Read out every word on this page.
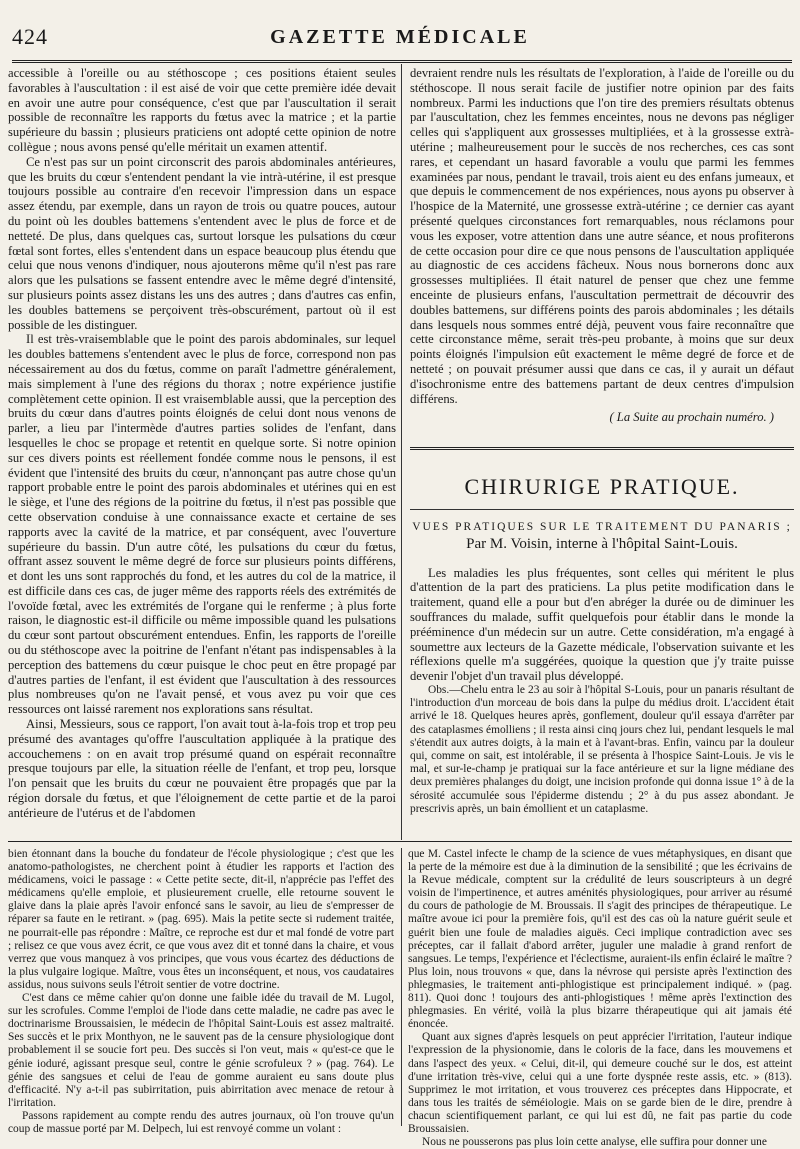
424	GAZETTE MÉDICALE

accessible à l'oreille ou au stéthoscope ; ces positions étaient seules favorables à l'auscultation : il est aisé de voir que cette première idée devait en avoir une autre pour conséquence, c'est que par l'auscultation il serait possible de reconnaître les rapports du fœtus avec la matrice ; et la partie supérieure du bassin ; plusieurs praticiens ont adopté cette opinion de notre collègue ; nous avons pensé qu'elle méritait un examen attentif.

Ce n'est pas sur un point circonscrit des parois abdominales antérieures, que les bruits du cœur s'entendent pendant la vie intrà-utérine, il est presque toujours possible au contraire d'en recevoir l'impression dans un espace assez étendu, par exemple, dans un rayon de trois ou quatre pouces, autour du point où les doubles battemens s'entendent avec le plus de force et de netteté. De plus, dans quelques cas, surtout lorsque les pulsations du cœur fœtal sont fortes, elles s'entendent dans un espace beaucoup plus étendu que celui que nous venons d'indiquer, nous ajouterons même qu'il n'est pas rare alors que les pulsations se fassent entendre avec le même degré d'intensité, sur plusieurs points assez distans les uns des autres ; dans d'autres cas enfin, les doubles battemens se perçoivent très-obscurément, partout où il est possible de les distinguer.

Il est très-vraisemblable que le point des parois abdominales, sur lequel les doubles battemens s'entendent avec le plus de force, correspond non pas nécessairement au dos du fœtus, comme on paraît l'admettre généralement, mais simplement à l'une des régions du thorax ; notre expérience justifie complètement cette opinion. Il est vraisemblable aussi, que la perception des bruits du cœur dans d'autres points éloignés de celui dont nous venons de parler, a lieu par l'intermède d'autres parties solides de l'enfant, dans lesquelles le choc se propage et retentit en quelque sorte. Si notre opinion sur ces divers points est réellement fondée comme nous le pensons, il est évident que l'intensité des bruits du cœur, n'annonçant pas autre chose qu'un rapport probable entre le point des parois abdominales et utérines qui en est le siège, et l'une des régions de la poitrine du fœtus, il n'est pas possible que cette observation conduise à une connaissance exacte et certaine de ses rapports avec la cavité de la matrice, et par conséquent, avec l'ouverture supérieure du bassin. D'un autre côté, les pulsations du cœur du fœtus, offrant assez souvent le même degré de force sur plusieurs points différens, et dont les uns sont rapprochés du fond, et les autres du col de la matrice, il est difficile dans ces cas, de juger même des rapports réels des extrémités de l'ovoïde fœtal, avec les extrémités de l'organe qui le renferme ; à plus forte raison, le diagnostic est-il difficile ou même impossible quand les pulsations du cœur sont partout obscurément entendues. Enfin, les rapports de l'oreille ou du stéthoscope avec la poitrine de l'enfant n'étant pas indispensables à la perception des battemens du cœur puisque le choc peut en être propagé par d'autres parties de l'enfant, il est évident que l'auscultation à des ressources plus nombreuses qu'on ne l'avait pensé, et vous avez pu voir que ces ressources ont laissé rarement nos explorations sans résultat.

Ainsi, Messieurs, sous ce rapport, l'on avait tout à-la-fois trop et trop peu présumé des avantages qu'offre l'auscultation appliquée à la pratique des accouchemens : on en avait trop présumé quand on espérait reconnaître presque toujours par elle, la situation réelle de l'enfant, et trop peu, lorsque l'on pensait que les bruits du cœur ne pouvaient être propagés que par la région dorsale du fœtus, et que l'éloignement de cette partie et de la paroi antérieure de l'utérus et de l'abdomen

devraient rendre nuls les résultats de l'exploration, à l'aide de l'oreille ou du stéthoscope. Il nous serait facile de justifier notre opinion par des faits nombreux. Parmi les inductions que l'on tire des premiers résultats obtenus par l'auscultation, chez les femmes enceintes, nous ne devons pas négliger celles qui s'appliquent aux grossesses multipliées, et à la grossesse extrà-utérine ; malheureusement pour le succès de nos recherches, ces cas sont rares, et cependant un hasard favorable a voulu que parmi les femmes examinées par nous, pendant le travail, trois aient eu des enfans jumeaux, et que depuis le commencement de nos expériences, nous ayons pu observer à l'hospice de la Maternité, une grossesse extrà-utérine ; ce dernier cas ayant présenté quelques circonstances fort remarquables, nous réclamons pour vous les exposer, votre attention dans une autre séance, et nous profiterons de cette occasion pour dire ce que nous pensons de l'auscultation appliquée au diagnostic de ces accidens fâcheux. Nous nous bornerons donc aux grossesses multipliées. Il était naturel de penser que chez une femme enceinte de plusieurs enfans, l'auscultation permettrait de découvrir des doubles battemens, sur différens points des parois abdominales ; les détails dans lesquels nous sommes entré déjà, peuvent vous faire reconnaître que cette circonstance même, serait très-peu probante, à moins que sur deux points éloignés l'impulsion eût exactement le même degré de force et de netteté ; on pouvait présumer aussi que dans ce cas, il y aurait un défaut d'isochronisme entre des battemens partant de deux centres d'impulsion différens.

( La Suite au prochain numéro. )
CHIRURIGE PRATIQUE.
VUES PRATIQUES SUR LE TRAITEMENT DU PANARIS ;
Par M. Voisin, interne à l'hôpital Saint-Louis.

Les maladies les plus fréquentes, sont celles qui méritent le plus d'attention de la part des praticiens. La plus petite modification dans le traitement, quand elle a pour but d'en abréger la durée ou de diminuer les souffrances du malade, suffit quelquefois pour établir dans le monde la prééminence d'un médecin sur un autre. Cette considération, m'a engagé à soumettre aux lecteurs de la Gazette médicale, l'observation suivante et les réflexions quelle m'a suggérées, quoique la question que j'y traite puisse devenir l'objet d'un travail plus développé.

Obs.—Chelu entra le 23 au soir à l'hôpital S-Louis, pour un panaris résultant de l'introduction d'un morceau de bois dans la pulpe du médius droit. L'accident était arrivé le 18. Quelques heures après, gonflement, douleur qu'il essaya d'arrêter par des cataplasmes émolliens ; il resta ainsi cinq jours chez lui, pendant lesquels le mal s'étendit aux autres doigts, à la main et à l'avant-bras. Enfin, vaincu par la douleur qui, comme on sait, est intolérable, il se présenta à l'hospice Saint-Louis. Je vis le mal, et sur-le-champ je pratiquai sur la face antérieure et sur la ligne médiane des deux premières phalanges du doigt, une incision profonde qui donna issue 1° à de la sérosité accumulée sous l'épiderme distendu ; 2° à du pus assez abondant. Je prescrivis après, un bain émollient et un cataplasme.

bien étonnant dans la bouche du fondateur de l'école physiologique ; c'est que les anatomo-pathologistes, ne cherchent point à étudier les rapports et l'action des médicamens, voici le passage : « Cette petite secte, dit-il, n'apprécie pas l'effet des médicamens qu'elle emploie, et plusieurement cruelle, elle retourne souvent le glaive dans la plaie après l'avoir enfoncé sans le savoir, au lieu de s'empresser de réparer sa faute en le retirant. » (pag. 695). Mais la petite secte si rudement traitée, ne pourrait-elle pas répondre : Maître, ce reproche est dur et mal fondé de votre part ; relisez ce que vous avez écrit, ce que vous avez dit et tonné dans la chaire, et vous verrez que vous manquez à vos principes, que vous vous écartez des déductions de la plus vulgaire logique. Maître, vous êtes un inconséquent, et nous, vos caudataires assidus, nous suivons seuls l'étroit sentier de votre doctrine.

C'est dans ce même cahier qu'on donne une faible idée du travail de M. Lugol, sur les scrofules. Comme l'emploi de l'iode dans cette maladie, ne cadre pas avec le doctrinarisme Broussaisien, le médecin de l'hôpital Saint-Louis est assez maltraité. Ses succès et le prix Monthyon, ne le sauvent pas de la censure physiologique dont probablement il se soucie fort peu. Des succès si l'on veut, mais « qu'est-ce que le génie ioduré, agissant presque seul, contre le génie scrofuleux ? » (pag. 764). Le génie des sangsues et celui de l'eau de gomme auraient eu sans doute plus d'efficacité. N'y a-t-il pas subirritation, puis abirritation avec menace de retour à l'irritation.

Passons rapidement au compte rendu des autres journaux, où l'on trouve qu'un coup de massue porté par M. Delpech, lui est renvoyé comme un volant :

que M. Castel infecte le champ de la science de vues métaphysiques, en disant que la perte de la mémoire est due à la diminution de la sensibilité ; que les écrivains de la Revue médicale, comptent sur la crédulité de leurs souscripteurs à un degré voisin de l'impertinence, et autres aménités physiologiques, pour arriver au résumé du cours de pathologie de M. Broussais. Il s'agit des principes de thérapeutique. Le maître avoue ici pour la première fois, qu'il est des cas où la nature guérit seule et guérit bien une foule de maladies aiguës. Ceci implique contradiction avec ses préceptes, car il fallait d'abord arrêter, juguler une maladie à grand renfort de sangsues. Le temps, l'expérience et l'éclectisme, auraient-ils enfin éclairé le maître ? Plus loin, nous trouvons « que, dans la névrose qui persiste après l'extinction des phlegmasies, le traitement anti-phlogistique est principalement indiqué. » (pag. 811). Quoi donc ! toujours des anti-phlogistiques ! même après l'extinction des phlegmasies. En vérité, voilà la plus bizarre thérapeutique qui ait jamais été énoncée.

Quant aux signes d'après lesquels on peut apprécier l'irritation, l'auteur indique l'expression de la physionomie, dans le coloris de la face, dans les mouvemens et dans l'aspect des yeux. « Celui, dit-il, qui demeure couché sur le dos, est atteint d'une irritation très-vive, celui qui a une forte dyspnée reste assis, etc. » (813). Supprimez le mot irritation, et vous trouverez ces préceptes dans Hippocrate, et dans tous les traités de séméiologie. Mais on se garde bien de le dire, prendre à chacun scientifiquement parlant, ce qui lui est dû, ne fait pas partie du code Broussaisien.

Nous ne pousserons pas plus loin cette analyse, elle suffira pour donner une
